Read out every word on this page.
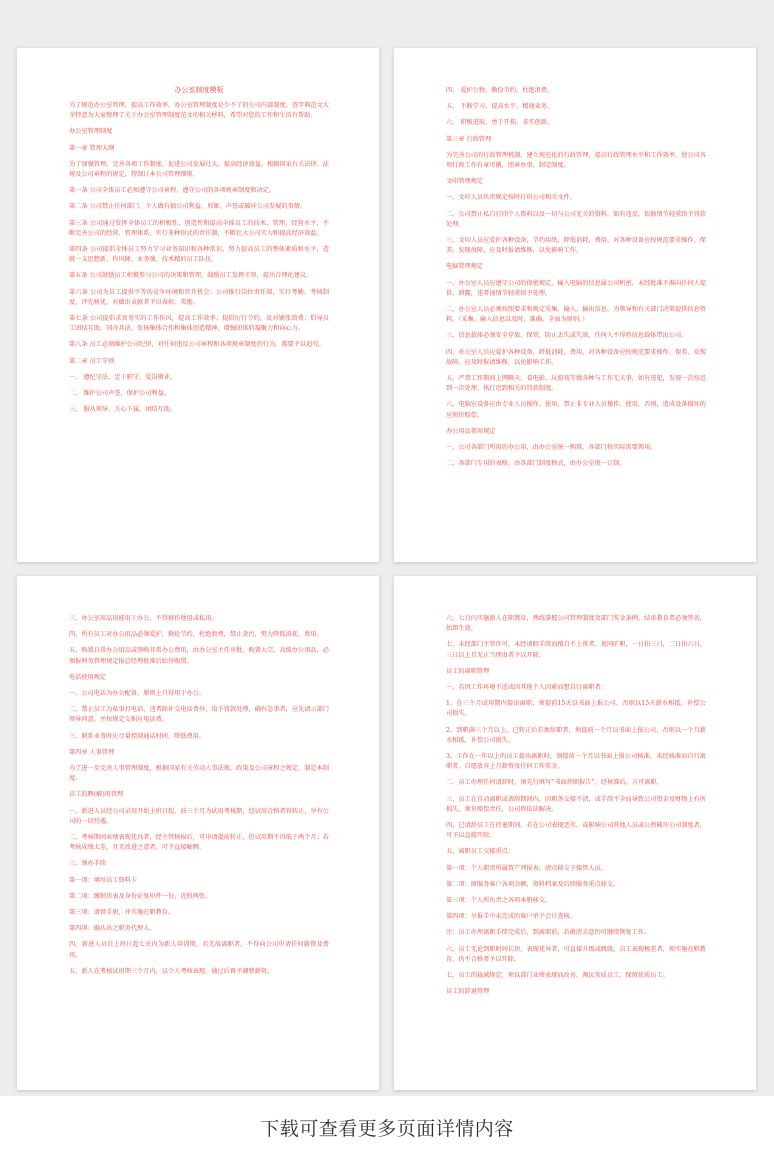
办公室制度模板
为了规范办公室管理，提高工作效率，办公室管理制度是少不了的公司内部制度。查字典范文大全特意为大家整理了关于办公室管理制度范文的相关材料，希望对您的工作和生活有帮助。
办公室管理制度
第一章 管理大纲
为了加强管理，完善各项工作制度，促进公司发展壮大，提高经济效益，根据国家有关法律、法规及公司章程的规定，特制订本公司管理细则。
第一条 公司全体员工必须遵守公司章程，遵守公司的各项规章制度和决定。
第二条 公司禁止任何部门、个人做有损公司利益、形象、声誉或破坏公司发展的事情。
第三条 公司通过发挥全体员工的积极性、创造性和提高全体员工的技术、管理、经营水平，不断完善公司的经营、管理体系，实行多种形式的责任制，不断壮大公司实力和提高经济效益。
第四条 公司提倡全体员工努力学习业务知识和各种常识，努力提高员工的整体素质和水平，造就一支思想新、作风硬、业务强、技术精的员工队伍。
第五条 公司鼓励员工积极参与公司的决策和管理，鼓励员工发挥才智，提出合理化建议。
第六条 公司为员工提供平等的竞争环境和晋升机会；公司推行岗位责任制，实行考勤、考核制度，评先树优，对做出贡献者予以表彰、奖励。
第七条 公司提倡求真务实的工作作风，提高工作效率；提倡厉行节约，反对铺张浪费；倡导员工团结互助，同舟共济，发扬集体合作和集体创造精神，增强团体的凝聚力和向心力。
第八条 员工必须维护公司纪律，对任何违反公司章程和各项规章制度的行为，都要予以追究。
第二章 员工守则
一、 遵纪守法，忠于职守，爱岗敬业。
二、 维护公司声誉，保护公司利益。
三、 服从领导，关心下属，团结互助。
四、 爱护公物，勤俭节约，杜绝浪费。
五、 不断学习，提高水平，精通业务。
六、 积极进取，勇于开拓，求实创新。
第三章 行政管理
为完善公司的行政管理机制，建立规范化的行政管理，提高行政管理水平和工作效率，使公司各项行政工作有章可循，照章办事，制定制度。
文印管理规定
一、文印人员负责规定按时打印公司相关文件。
二、公司禁止私自打印个人资料以及一切与公司无关的资料，如有违反，依据情节轻重给予罚款处理。
三、文印人员应爱护各种设备，节约用纸，降低消耗，费用，对各种设备应按规范要求操作、保养，发现故障，应及时报请维修，以免影响工作。
电脑管理规定
一、办公室人员应遵守公司的保密规定，输入电脑的信息属公司机密，未经批准不准向任何人提供、泄露，违者视情节轻重给予处理。
二、办公室人员必须按照要求和规定采集、输入、输出信息，为领导和有关部门决策提供信息资料。（采集、输入信息以及时、准确、全面为原则。）
三、信息载体必须安全存放、保管，防止丢失或失效，任何人不得将信息载体带出公司。
四、办公室人员应爱护各种设备，降低消耗、费用，对各种设备应按规范要求操作、保养，发现故障，应及时报请维修，以免影响工作。
五、严禁工作期间上网聊天、看电影、玩游戏等做各种与工作无关事，如有违犯，发现一次按迟到一次处理，执行迟到相关的罚款制度。
六、电脑室设备应由专业人员操作、使用，禁止非专业人员操作、使用，否则，造成设备损坏的应照价赔偿。
办公用品领用规定
一、公司各部门所需的办公用，由办公室统一购置，各部门按实际需要领用。
二、各部门专用的表格，由各部门制度格式，由办公室统一订制。
三、办公室用品用能用于办公，不得移作他用或私用。
四、所有员工对办公用品必须爱护，勤俭节约，杜绝浪费，禁止贪污，努力降低消耗、费用。
五、购置日常办公用品或领购非常办公费用，由办公室主任审批，购置大宗、高级办公用品，必须报财务管理规定报总经理批准后始得购置。
电话使用规定
一、公司电话为办公配备，原则上只得用于办公。
二、禁止员工为私事打电话，违者除补交电话费外，给予罚款处理，确有急事者，应先请示部门领导同意，并按规定交相应电话费。
三、联系业务时应尽量控制通话时间，降低费用。
第四章 人事管理
为了进一步完善人事管理制度，根据国家有关劳动人事法规、政策及公司章程之规定，制定本制度。
员工的聘(解)用管理
一、新进人员经公司录用开始上班日起，前三个月为试用考核期，经试用合格者将转正，享有公司的一切待遇。
二、考核期间业绩表现优良者，经主管核报后，可申请提前转正，但试用期不得低于两个月；若考核成绩太差，且无改进之意者，可予直接解聘。
三、须办手续
第一项：填写员工资料卡
第二项：缴纳历表及身份证复印件一份，近照两张。
第三项：请贤手册，并实施在职教育。
第四项：确认该之职务代理人。
四、新进人员自上班日起七天内为新人培训期，若无故离职者，不得向公司申请任何薪资及费用。
五、新人在考核试用期三个月内，以个人考核表现，通过后再予调整薪资。
六、七日内实施新人在职教育，熟练掌握公司管理制度及部门奖金条例，结束教育者必须签名，始即生效。
七、未经部门主管许可，未经请假手续而擅自不上班者，视同旷职，一日扣三日，二日扣六日，三日以上且无正当理由者予以开除。
员工的离职管理
一、若因工作环境不适或因其他个人因素而想自行离职者：
1、在三个月试用期内提出离职，须提前15天以书面上报公司，否则以15天薪水相抵，补偿公司损失。
2、到职满三个月以上，已转正后若须辞职者，须提前一个月以书面上报公司，否则以一个月薪水相抵，补偿公司损失。
3、工作在一年以上的员工提出离职时，须提前一个月以书面上报公司核准，未经核准而自行离职者，自愿放弃上月薪资及任何工作奖金。
二、员工办理任何请辞时，须先行填写“书面辞职报告”，经核准后，方可离职。
三、员工在自动离职或请辞期间内，因职务交接不清，或手续不全而导致公司资金及财物上有所损失，须负赔偿责任，公司将依法解决。
四、已请辞员工在待退期间，若在公司表现恶劣，或影响公司其他人员或公然破坏公司制度者，可予以直接开除。
五、离职员工交接重点：
第一项：个人职责所属资产列报表，清点移交予接管人员。
第二项：原服务客户各项余额，资料档案及后续服务重点移交。
第三项：个人所负责之各项本册移交。
第四项：呈报手中未完成的客户单予会计查核。
注：员工办理离职手续完成后，到离职前，若敢清去意仍可继续恢复工作。
六、员工无论到职时间长短，表现优异者，可直接升级或跳级，员工表现极差者，须实施在职教育，仍不合格者予以开除。
七、员工的裁减规定，须以部门业绩表现而改善，淘汰劣质员工，保留优质员工。
员工的辞退管理
下载可查看更多页面详情内容
